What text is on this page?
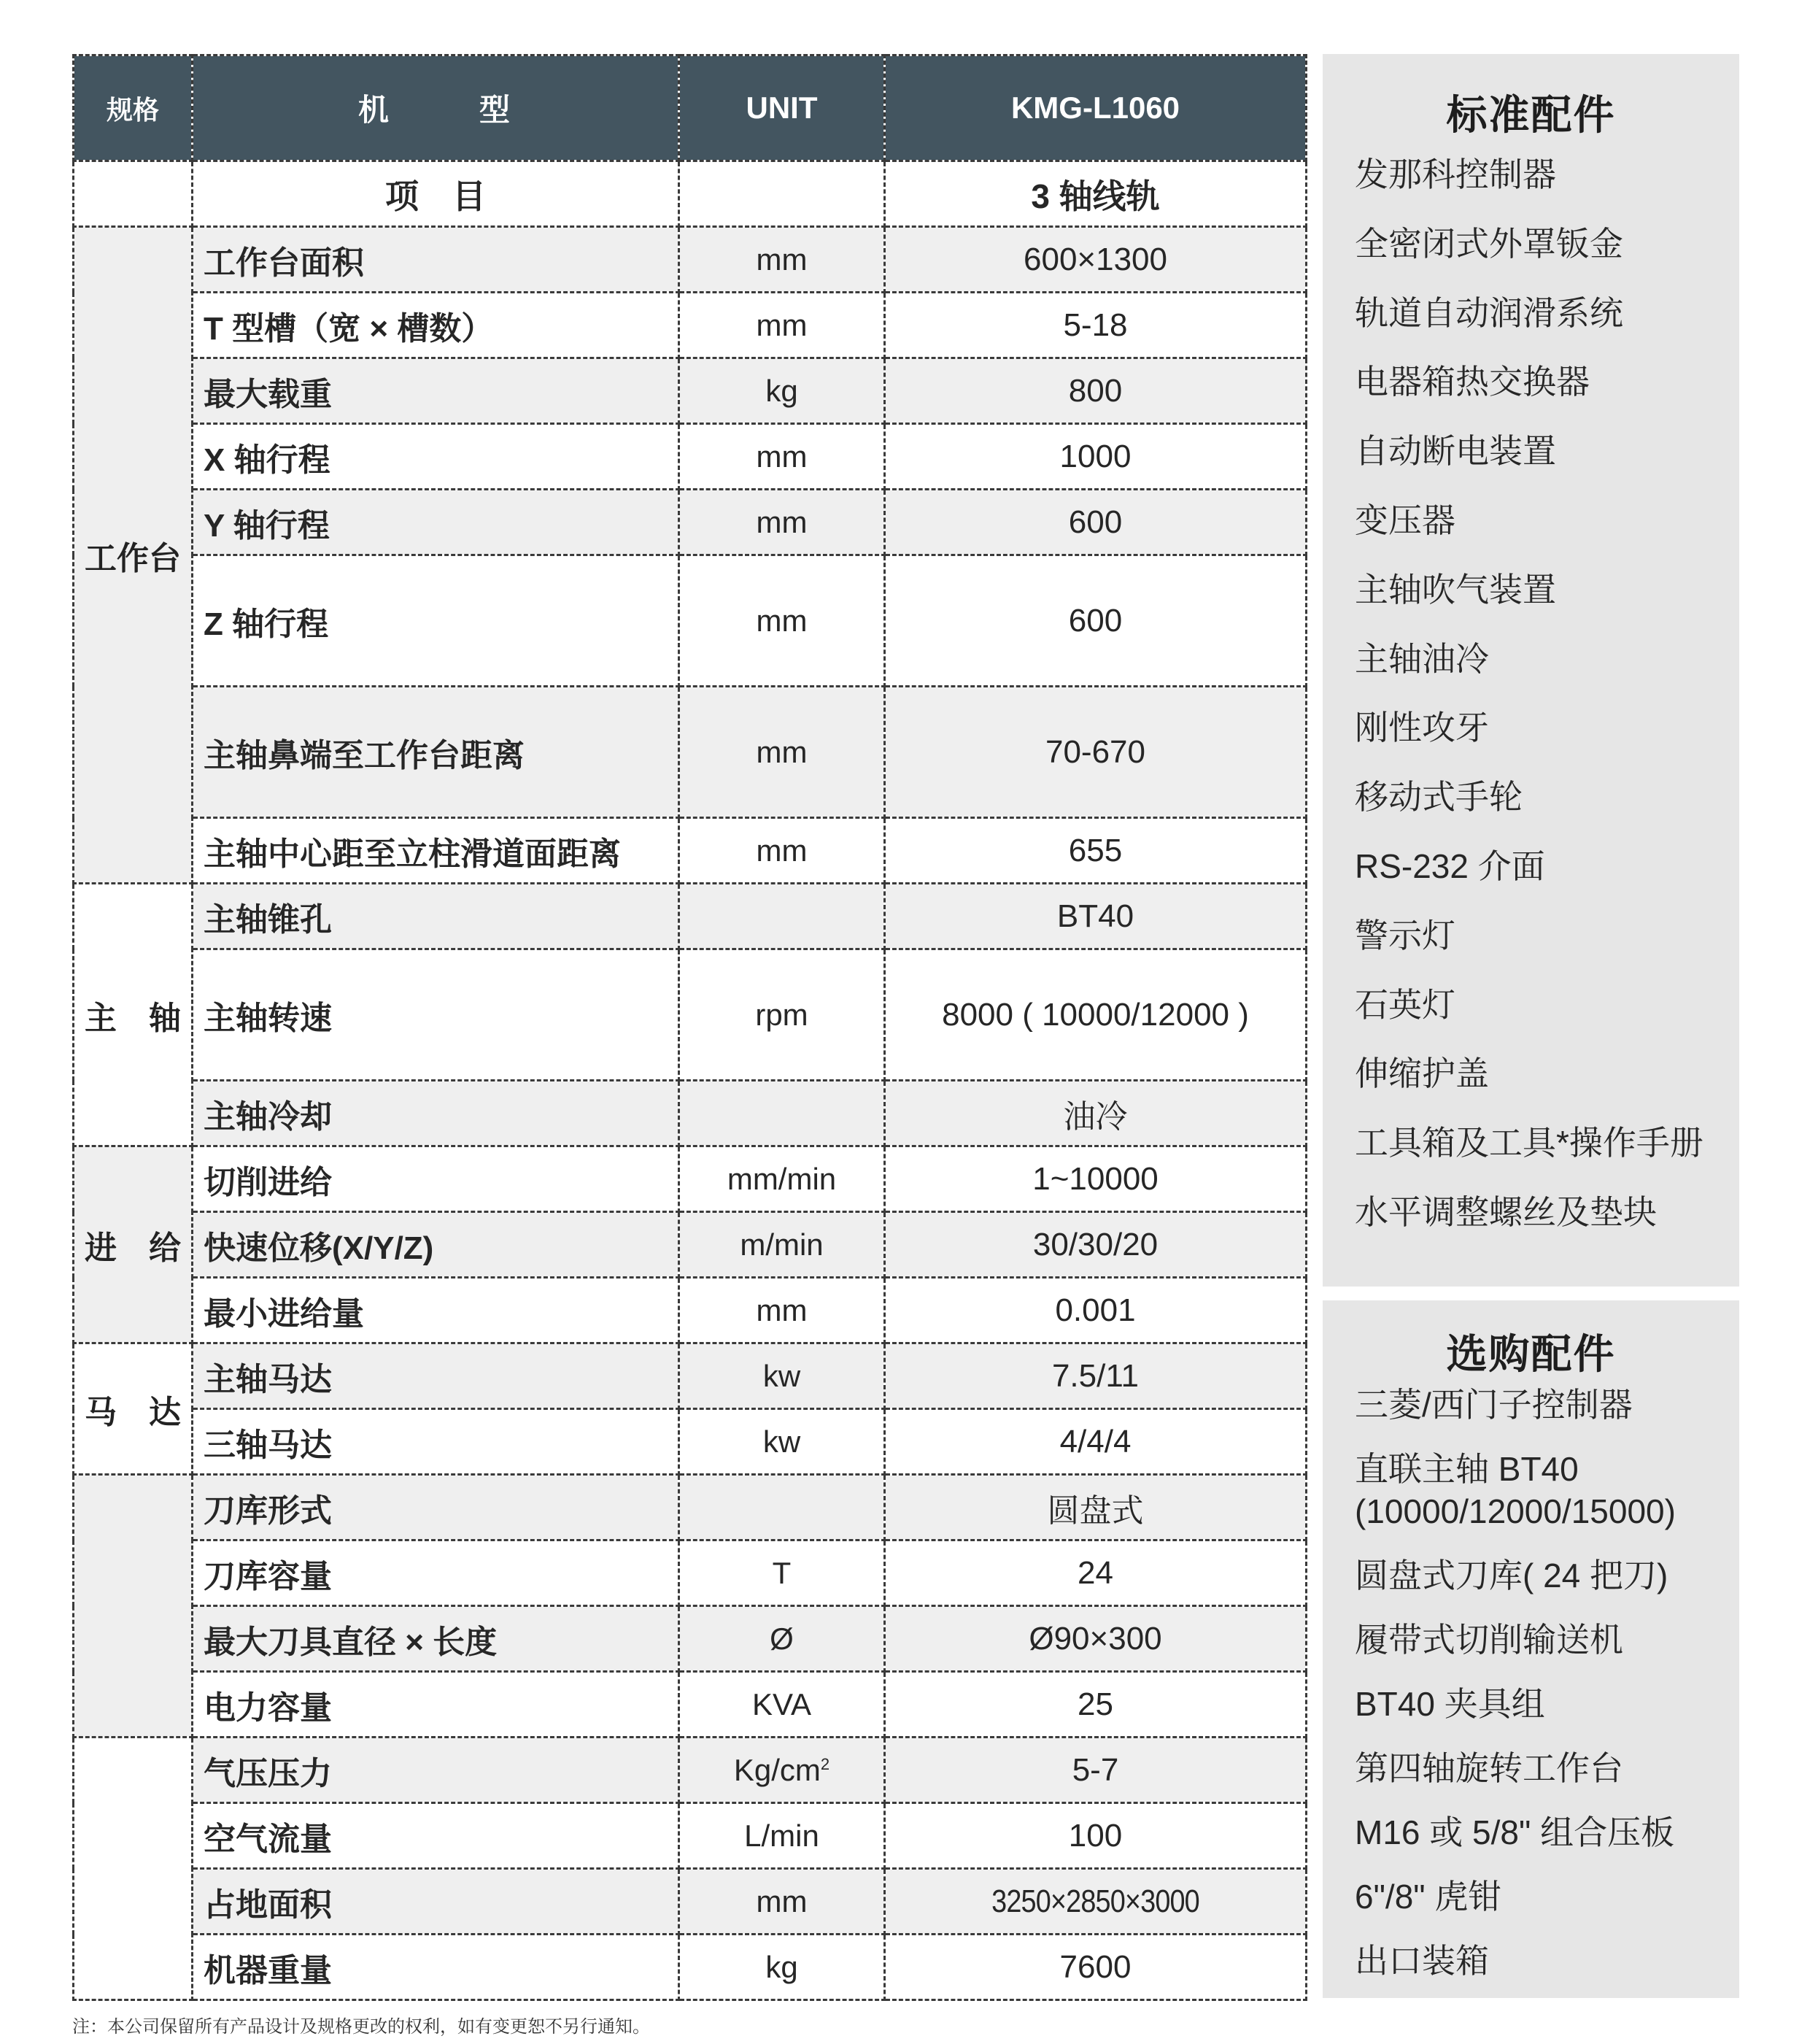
规格	机 型	UNIT	KMG-L1060
	项　目		3 轴线轨
工作台	工作台面积	mm	600×1300
	T 型槽（宽 × 槽数）	mm	5-18
	最大载重	kg	800
	X 轴行程	mm	1000
	Y 轴行程	mm	600
	Z 轴行程	mm	600
	主轴鼻端至工作台距离	mm	70-670
	主轴中心距至立柱滑道面距离	mm	655
主　轴	主轴锥孔		BT40
	主轴转速	rpm	8000 ( 10000/12000 )
	主轴冷却		油冷
进　给	切削进给	mm/min	1~10000
	快速位移(X/Y/Z)	m/min	30/30/20
	最小进给量	mm	0.001
马　达	主轴马达	kw	7.5/11
	三轴马达	kw	4/4/4
	刀库形式		圆盘式
	刀库容量	T	24
	最大刀具直径 × 长度	Ø	Ø90×300
	电力容量	KVA	25
	气压压力	$Kg/cm^2$	5-7
	空气流量	L/min	100
	占地面积	mm	3250×2850×3000
	机器重量	kg	7600
标准配件
发那科控制器
全密闭式外罩钣金
轨道自动润滑系统
电器箱热交换器
自动断电装置
变压器
主轴吹气装置
主轴油冷
刚性攻牙
移动式手轮
RS-232 介面
警示灯
石英灯
伸缩护盖
工具箱及工具*操作手册
水平调整螺丝及垫块
选购配件
三菱/西门子控制器
直联主轴 BT40
(10000/12000/15000)
圆盘式刀库( 24 把刀)
履带式切削输送机
BT40 夹具组
第四轴旋转工作台
M16 或 5/8" 组合压板
6"/8" 虎钳
出口装箱
注：本公司保留所有产品设计及规格更改的权利，如有变更恕不另行通知。
